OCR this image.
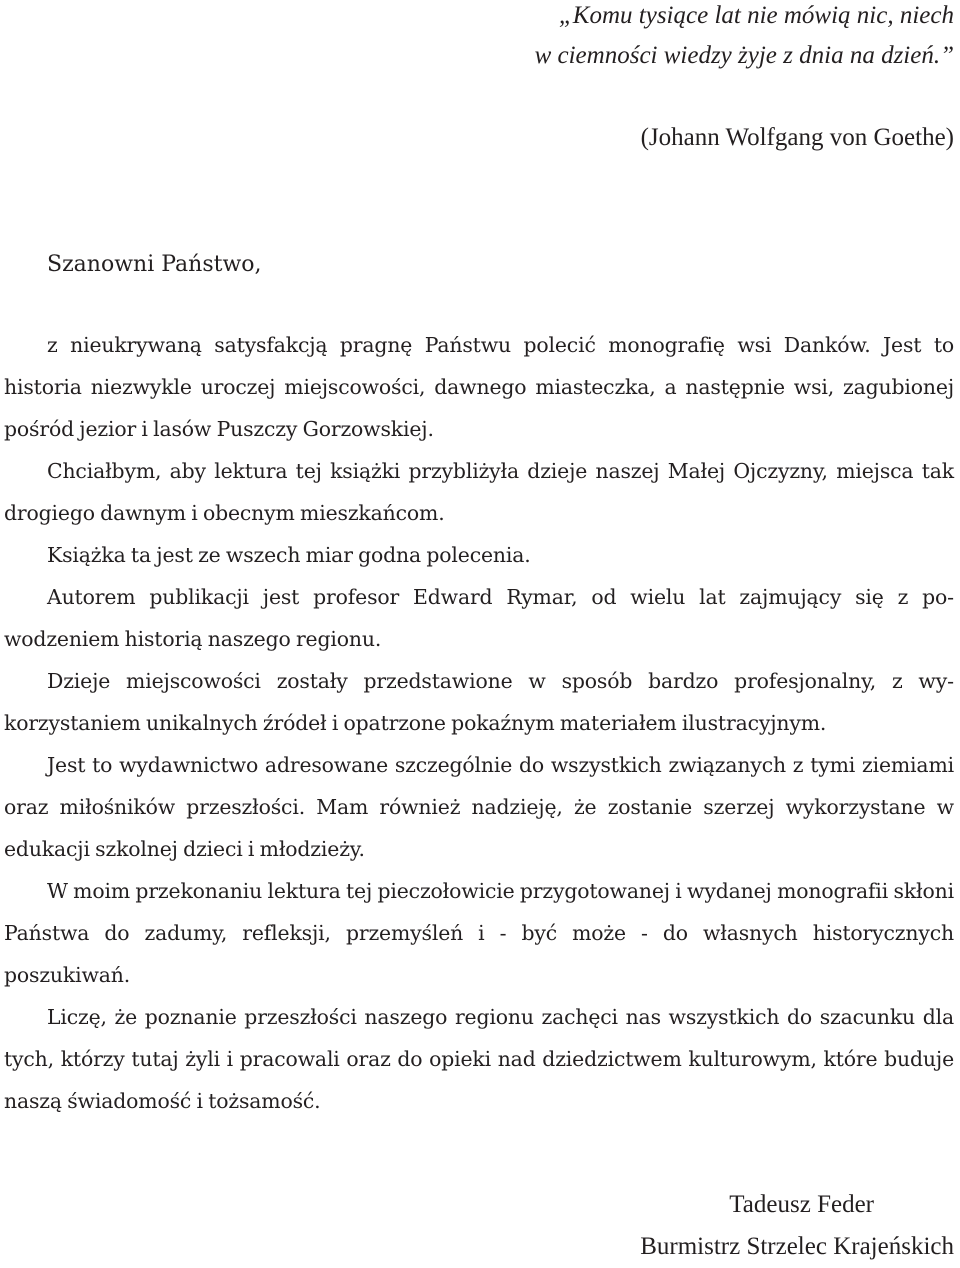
„Komu tysiące lat nie mówią nic, niech
w ciemności wiedzy żyje z dnia na dzień.”
(Johann Wolfgang von Goethe)
Szanowni Państwo,

z nieukrywaną satysfakcją pragnę Państwu polecić monografię wsi Danków. Jest to historia niezwykle uroczej miejscowości, dawnego miasteczka, a następnie wsi, zagubionej pośród jezior i lasów Puszczy Gorzowskiej.

Chciałbym, aby lektura tej książki przybliżyła dzieje naszej Małej Ojczyzny, miejsca tak drogiego dawnym i obecnym mieszkańcom.

Książka ta jest ze wszech miar godna polecenia.

Autorem publikacji jest profesor Edward Rymar, od wielu lat zajmujący się z powodzeniem historią naszego regionu.

Dzieje miejscowości zostały przedstawione w sposób bardzo profesjonalny, z wykorzystaniem unikalnych źródeł i opatrzone pokaźnym materiałem ilustracyjnym.

Jest to wydawnictwo adresowane szczególnie do wszystkich związanych z tymi ziemiami oraz miłośników przeszłości. Mam również nadzieję, że zostanie szerzej wykorzystane w edukacji szkolnej dzieci i młodzieży.

W moim przekonaniu lektura tej pieczołowicie przygotowanej i wydanej monografii skłoni Państwa do zadumy, refleksji, przemyśleń i - być może - do własnych historycznych poszukiwań.

Liczę, że poznanie przeszłości naszego regionu zachęci nas wszystkich do szacunku dla tych, którzy tutaj żyli i pracowali oraz do opieki nad dziedzictwem kulturowym, które buduje naszą świadomość i tożsamość.

Tadeusz Feder
Burmistrz Strzelec Krajeńskich
